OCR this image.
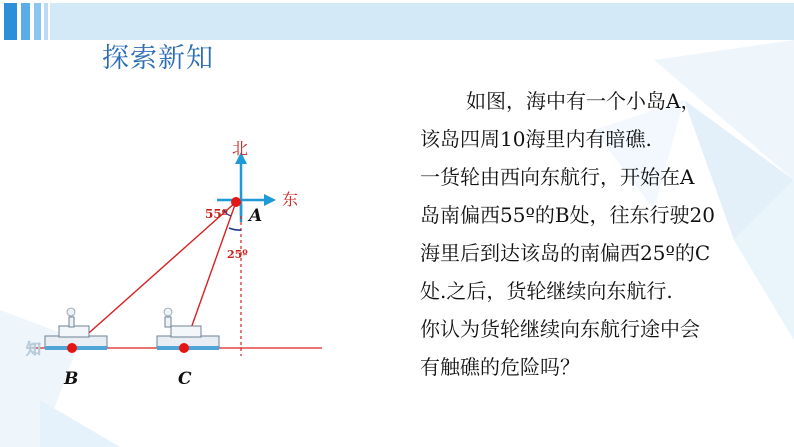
探索新知
如图，海中有一个小岛A，
该岛四周10海里内有暗礁.
一货轮由西向东航行，开始在A
岛南偏西55º的B处，往东行驶20
海里后到达该岛的南偏西25º的C
处.之后，货轮继续向东航行.
你认为货轮继续向东航行途中会
有触礁的危险吗？
知
北
东
A
B	C
55º
25º
